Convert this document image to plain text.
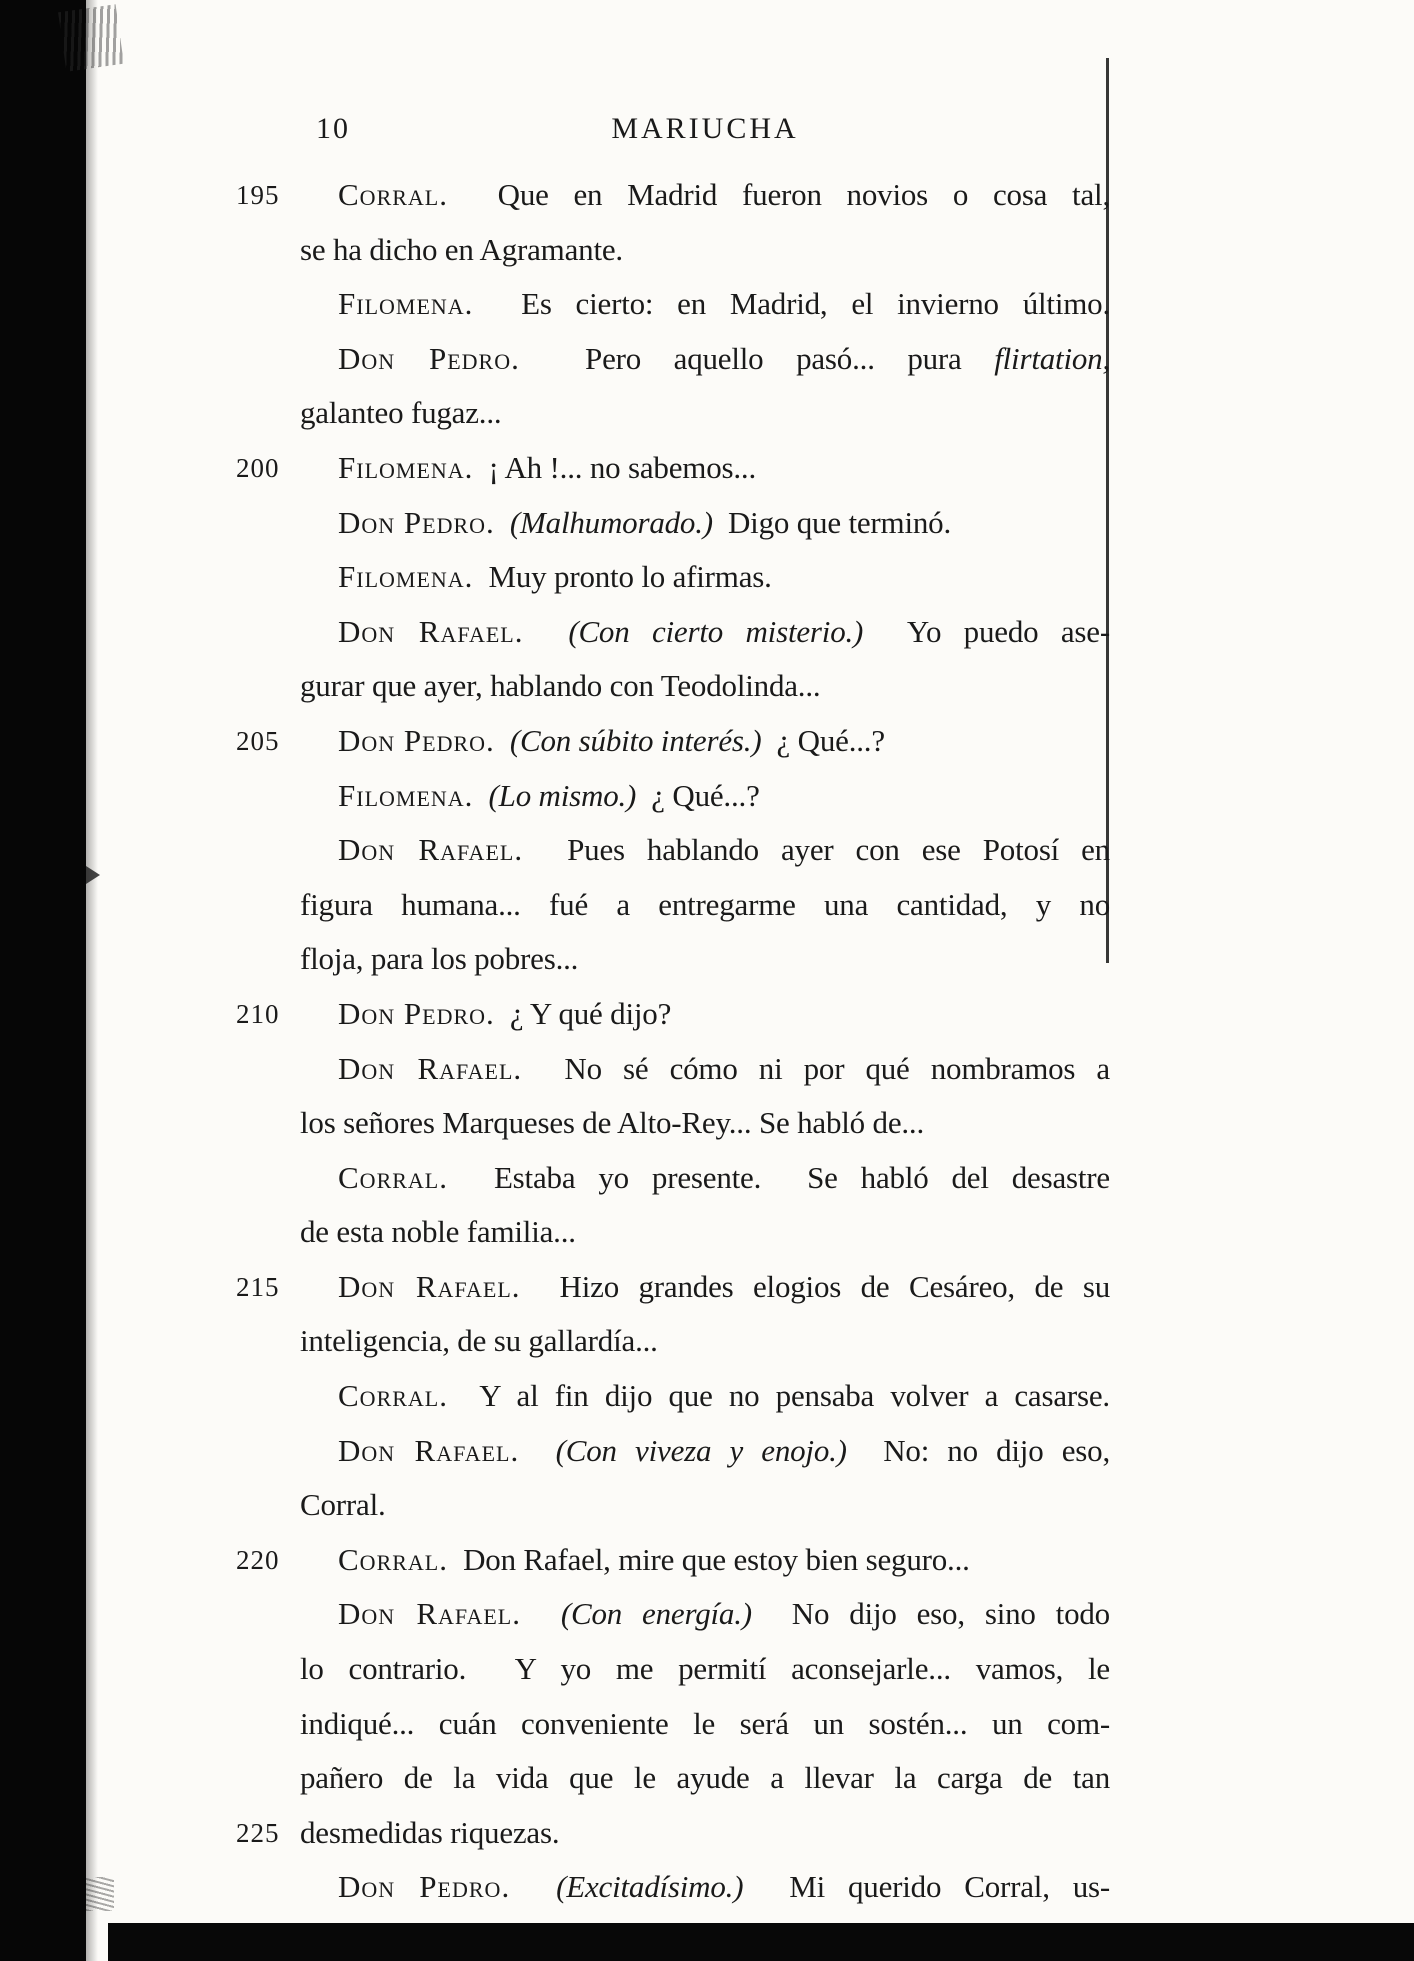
10	MARIUCHA
195 Corral.  Que en Madrid fueron novios o cosa tal,
se ha dicho en Agramante.
Filomena.  Es cierto: en Madrid, el invierno último.
Don Pedro.  Pero aquello pasó... pura flirtation,
galanteo fugaz...
200 Filomena.  ¡ Ah !... no sabemos...
Don Pedro. (Malhumorado.)  Digo que terminó.
Filomena.  Muy pronto lo afirmas.
Don Rafael. (Con cierto misterio.)  Yo puedo ase-
gurar que ayer, hablando con Teodolinda...
205 Don Pedro. (Con súbito interés.)  ¿ Qué...?
Filomena. (Lo mismo.)  ¿ Qué...?
Don Rafael.  Pues hablando ayer con ese Potosí en
figura humana... fué a entregarme una cantidad, y no
floja, para los pobres...
210 Don Pedro.  ¿ Y qué dijo?
Don Rafael.  No sé cómo ni por qué nombramos a
los señores Marqueses de Alto-Rey... Se habló de...
Corral.  Estaba yo presente.  Se habló del desastre
de esta noble familia...
215 Don Rafael.  Hizo grandes elogios de Cesáreo, de su
inteligencia, de su gallardía...
Corral.  Y al fin dijo que no pensaba volver a casarse.
Don Rafael. (Con viveza y enojo.)  No: no dijo eso,
Corral.
220 Corral.  Don Rafael, mire que estoy bien seguro...
Don Rafael. (Con energía.)  No dijo eso, sino todo
lo contrario.  Y yo me permití aconsejarle... vamos, le
indiqué... cuán conveniente le será un sostén... un com-
pañero de la vida que le ayude a llevar la carga de tan
225 desmedidas riquezas.
Don Pedro. (Excitadísimo.)  Mi querido Corral, us-
